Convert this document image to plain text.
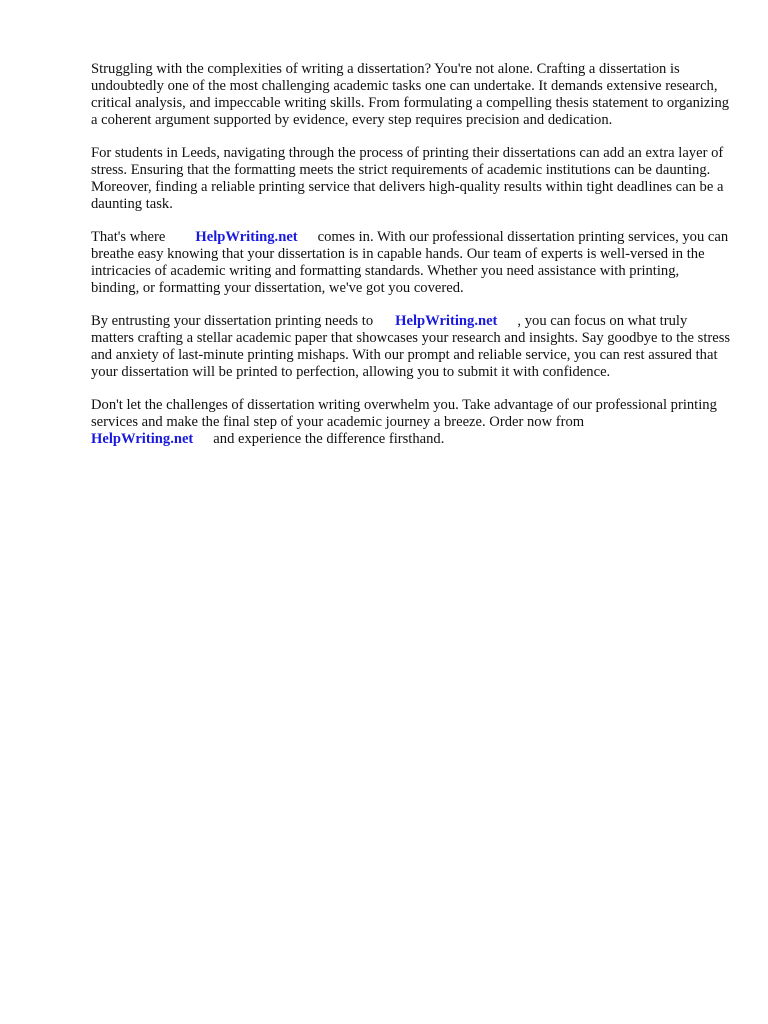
Struggling with the complexities of writing a dissertation? You're not alone. Crafting a dissertation is undoubtedly one of the most challenging academic tasks one can undertake. It demands extensive research, critical analysis, and impeccable writing skills. From formulating a compelling thesis statement to organizing a coherent argument supported by evidence, every step requires precision and dedication.

For students in Leeds, navigating through the process of printing their dissertations can add an extra layer of stress. Ensuring that the formatting meets the strict requirements of academic institutions can be daunting. Moreover, finding a reliable printing service that delivers high-quality results within tight deadlines can be a daunting task.

That's where HelpWriting.net comes in. With our professional dissertation printing services, you can breathe easy knowing that your dissertation is in capable hands. Our team of experts is well-versed in the intricacies of academic writing and formatting standards. Whether you need assistance with printing, binding, or formatting your dissertation, we've got you covered.

By entrusting your dissertation printing needs to HelpWriting.net , you can focus on what truly matters crafting a stellar academic paper that showcases your research and insights. Say goodbye to the stress and anxiety of last-minute printing mishaps. With our prompt and reliable service, you can rest assured that your dissertation will be printed to perfection, allowing you to submit it with confidence.

Don't let the challenges of dissertation writing overwhelm you. Take advantage of our professional printing services and make the final step of your academic journey a breeze. Order now from HelpWriting.net and experience the difference firsthand.
